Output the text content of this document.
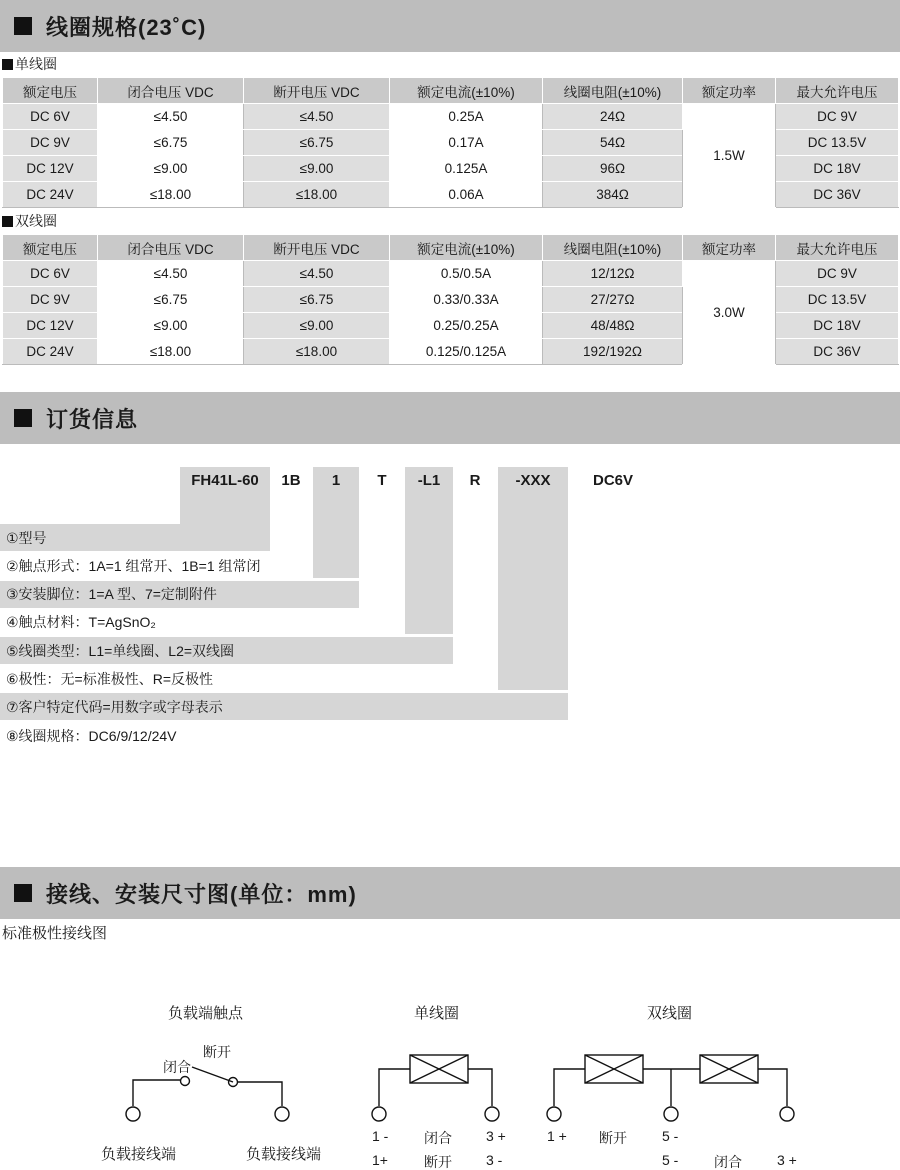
线圈规格(23˚C)
单线圈
额定电压	闭合电压 VDC	断开电压 VDC	额定电流(±10%)	线圈电阻(±10%)	额定功率	最大允许电压
DC 6V	≤4.50	≤4.50	0.25A	24Ω	1.5W	DC 9V
DC 9V	≤6.75	≤6.75	0.17A	54Ω		DC 13.5V
DC 12V	≤9.00	≤9.00	0.125A	96Ω		DC 18V
DC 24V	≤18.00	≤18.00	0.06A	384Ω		DC 36V
双线圈
额定电压	闭合电压 VDC	断开电压 VDC	额定电流(±10%)	线圈电阻(±10%)	额定功率	最大允许电压
DC 6V	≤4.50	≤4.50	0.5/0.5A	12/12Ω	3.0W	DC 9V
DC 9V	≤6.75	≤6.75	0.33/0.33A	27/27Ω		DC 13.5V
DC 12V	≤9.00	≤9.00	0.25/0.25A	48/48Ω		DC 18V
DC 24V	≤18.00	≤18.00	0.125/0.125A	192/192Ω		DC 36V
订货信息
FH41L-60	1B	1	T	-L1	R	-XXX	DC6V
①型号
②触点形式：1A=1 组常开、1B=1 组常闭
③安装脚位：1=A 型、7=定制附件
④触点材料：T=AgSnO₂
⑤线圈类型：L1=单线圈、L2=双线圈
⑥极性：无=标准极性、R=反极性
⑦客户特定代码=用数字或字母表示
⑧线圈规格：DC6/9/12/24V
接线、安装尺寸图(单位：mm)
标准极性接线图
负载端触点	单线圈	双线圈
断开
闭合
负载接线端	负载接线端
1 -	闭合 3 +
1+	断开 3 -
1 + 断开	5 -
5 -	闭合	3 +
